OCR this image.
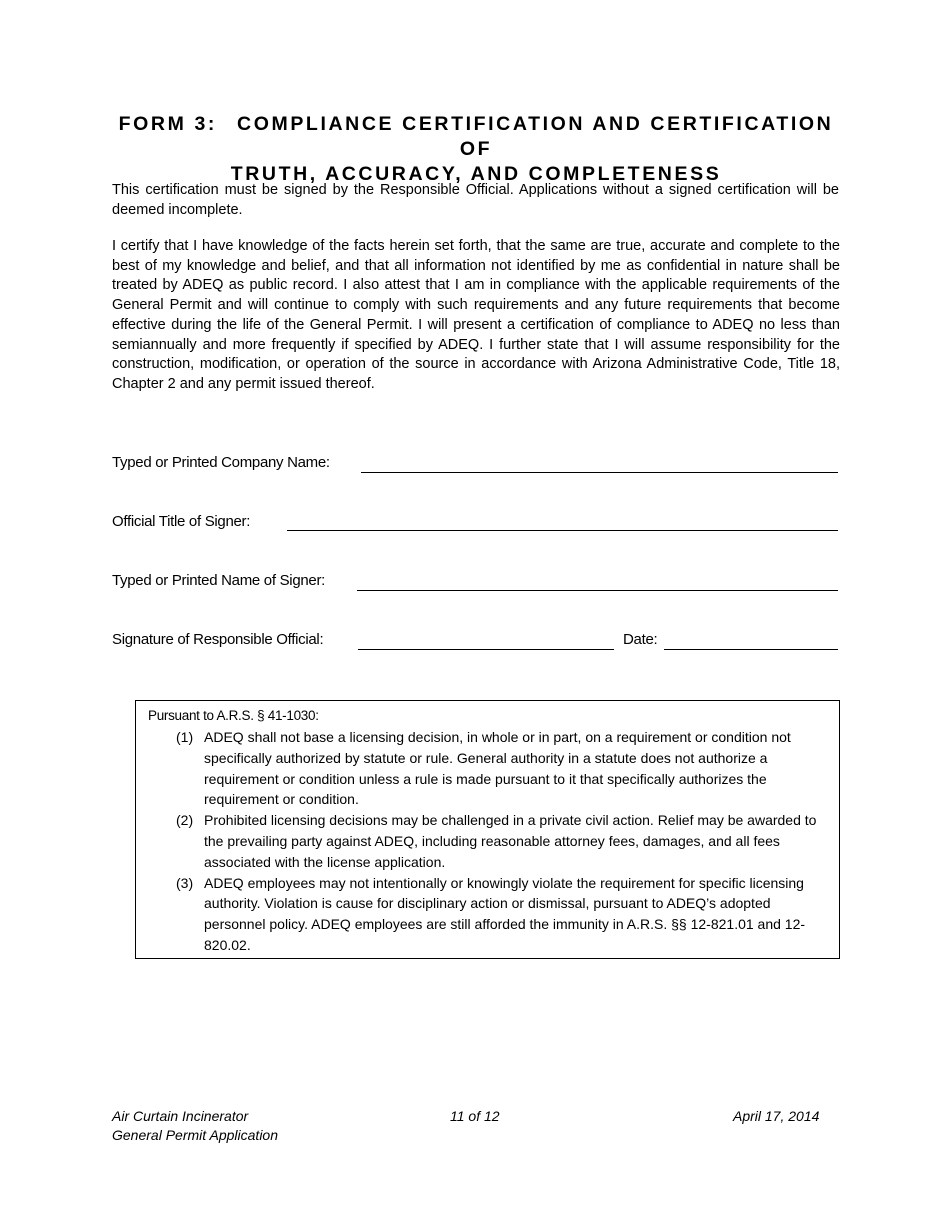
FORM 3: COMPLIANCE CERTIFICATION AND CERTIFICATION OF
TRUTH, ACCURACY, AND COMPLETENESS

This certification must be signed by the Responsible Official. Applications without a signed certification will be deemed incomplete.

I certify that I have knowledge of the facts herein set forth, that the same are true, accurate and complete to the best of my knowledge and belief, and that all information not identified by me as confidential in nature shall be treated by ADEQ as public record. I also attest that I am in compliance with the applicable requirements of the General Permit and will continue to comply with such requirements and any future requirements that become effective during the life of the General Permit. I will present a certification of compliance to ADEQ no less than semiannually and more frequently if specified by ADEQ. I further state that I will assume responsibility for the construction, modification, or operation of the source in accordance with Arizona Administrative Code, Title 18, Chapter 2 and any permit issued thereof.

Typed or Printed Company Name:
Official Title of Signer:
Typed or Printed Name of Signer:
Signature of Responsible Official:	Date:

Pursuant to A.R.S. § 41-1030:

(1) ADEQ shall not base a licensing decision, in whole or in part, on a requirement or condition not specifically authorized by statute or rule. General authority in a statute does not authorize a requirement or condition unless a rule is made pursuant to it that specifically authorizes the requirement or condition.
(2) Prohibited licensing decisions may be challenged in a private civil action. Relief may be awarded to the prevailing party against ADEQ, including reasonable attorney fees, damages, and all fees associated with the license application.
(3) ADEQ employees may not intentionally or knowingly violate the requirement for specific licensing authority. Violation is cause for disciplinary action or dismissal, pursuant to ADEQ’s adopted personnel policy. ADEQ employees are still afforded the immunity in A.R.S. §§ 12-821.01 and 12-820.02.
Air Curtain Incinerator
General Permit Application
11 of 12	April 17, 2014
